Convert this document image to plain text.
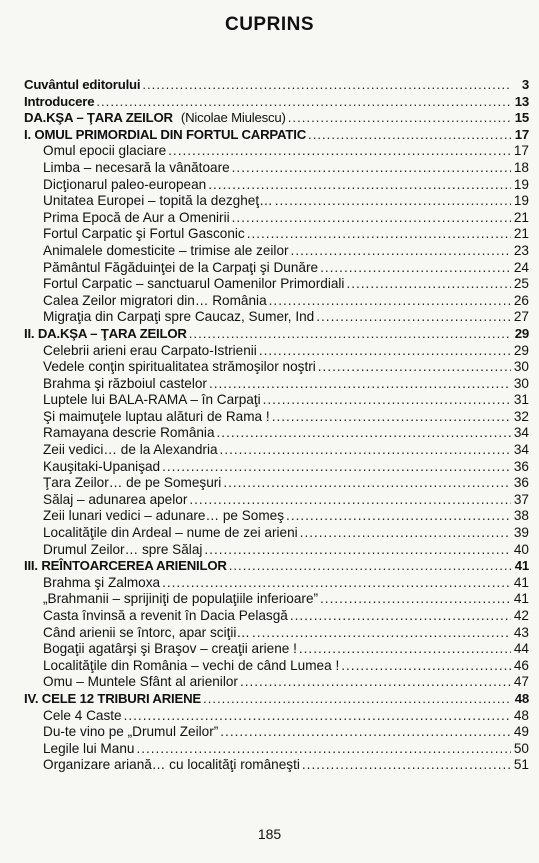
CUPRINS
Cuvântul editorului .....	3
Introducere .....	13
DA.KŞA – ŢARA ZEILOR (Nicolae Miulescu) .....	15
I. OMUL PRIMORDIAL DIN FORTUL CARPATIC .....	17
Omul epocii glaciare .....	17
Limba – necesară la vânătoare .....	18
Dicţionarul paleo-european .....	19
Unitatea Europei – topită la dezgheţ… .....	19
Prima Epocă de Aur a Omenirii .....	21
Fortul Carpatic şi Fortul Gasconic .....	21
Animalele domesticite – trimise ale zeilor .....	23
Pământul Făgăduinţei de la Carpaţi şi Dunăre .....	24
Fortul Carpatic – sanctuarul Oamenilor Primordiali .....	25
Calea Zeilor migratori din… România .....	26
Migraţia din Carpaţi spre Caucaz, Sumer, Ind .....	27
II. DA.KŞA – ŢARA ZEILOR .....	29
Celebrii arieni erau Carpato-Istrienii .....	29
Vedele conţin spiritualitatea strămoşilor noştri .....	30
Brahma şi războiul castelor .....	30
Luptele lui BALA-RAMA – în Carpaţi .....	31
Şi maimuţele luptau alături de Rama ! .....	32
Ramayana descrie România .....	34
Zeii vedici… de la Alexandria .....	34
Kauşitaki-Upanişad .....	36
Ţara Zeilor… de pe Someşuri .....	36
Sălaj – adunarea apelor .....	37
Zeii lunari vedici – adunare… pe Someş .....	38
Localităţile din Ardeal – nume de zei arieni .....	39
Drumul Zeilor… spre Sălaj .....	40
III. REÎNTOARCEREA ARIENILOR .....	41
Brahma şi Zalmoxa .....	41
„Brahmanii – sprijiniţi de populaţiile inferioare” .....	41
Casta învinsă a revenit în Dacia Pelasgă .....	42
Când arienii se întorc, apar sciţii… .....	43
Bogaţii agatârşi şi Braşov – creaţii ariene ! .....	44
Localităţile din România – vechi de când Lumea ! .....	46
Omu – Muntele Sfânt al arienilor .....	47
IV. CELE 12 TRIBURI ARIENE .....	48
Cele 4 Caste .....	48
Du-te vino pe „Drumul Zeilor” .....	49
Legile lui Manu .....	50
Organizare ariană… cu localităţi româneşti .....	51
185
